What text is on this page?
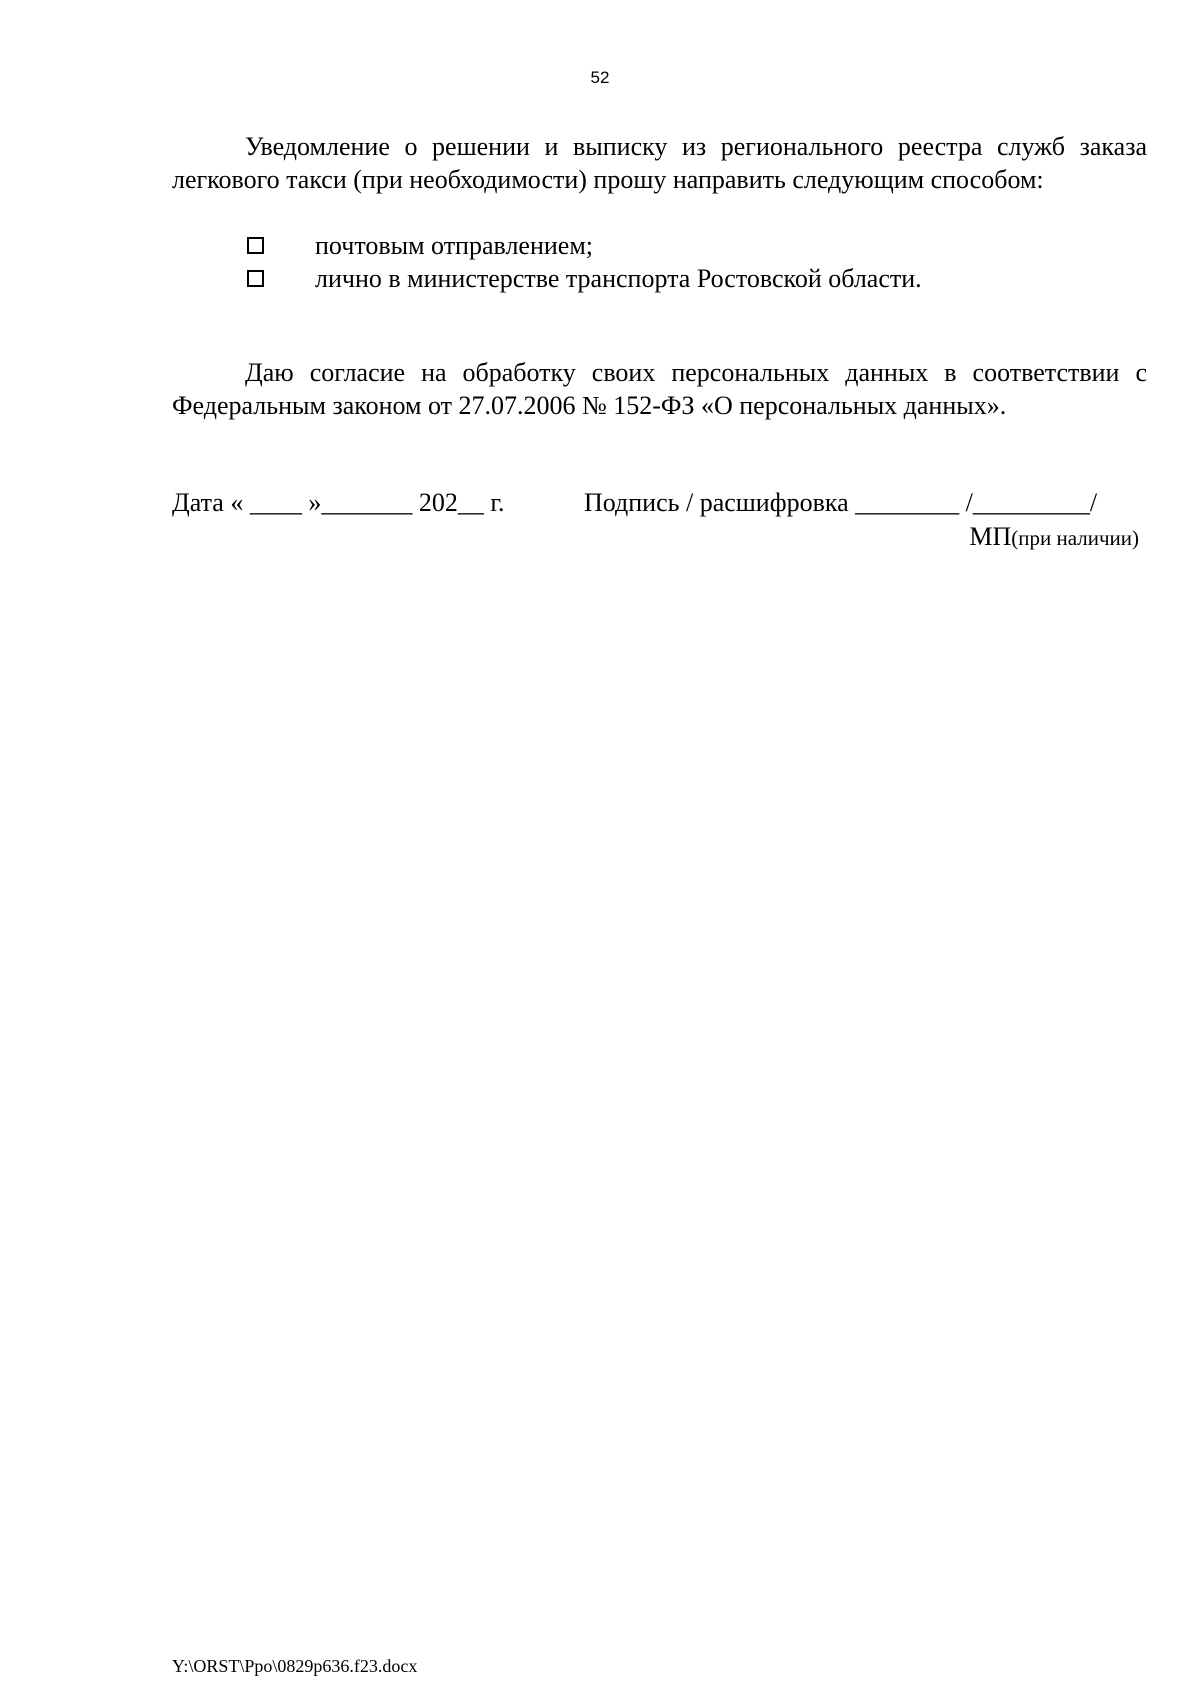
52

Уведомление о решении и выписку из регионального реестра служб заказа легкового такси (при необходимости) прошу направить следующим способом:

почтовым отправлением;
лично в министерстве транспорта Ростовской области.

Даю согласие на обработку своих персональных данных в соответствии с Федеральным законом от 27.07.2006 № 152-ФЗ «О персональных данных».

Дата « ____ »_______ 202__ г.	Подпись / расшифровка ________ /_________/
МП(при наличии)
Y:\ORST\Ppo\0829p636.f23.docx
